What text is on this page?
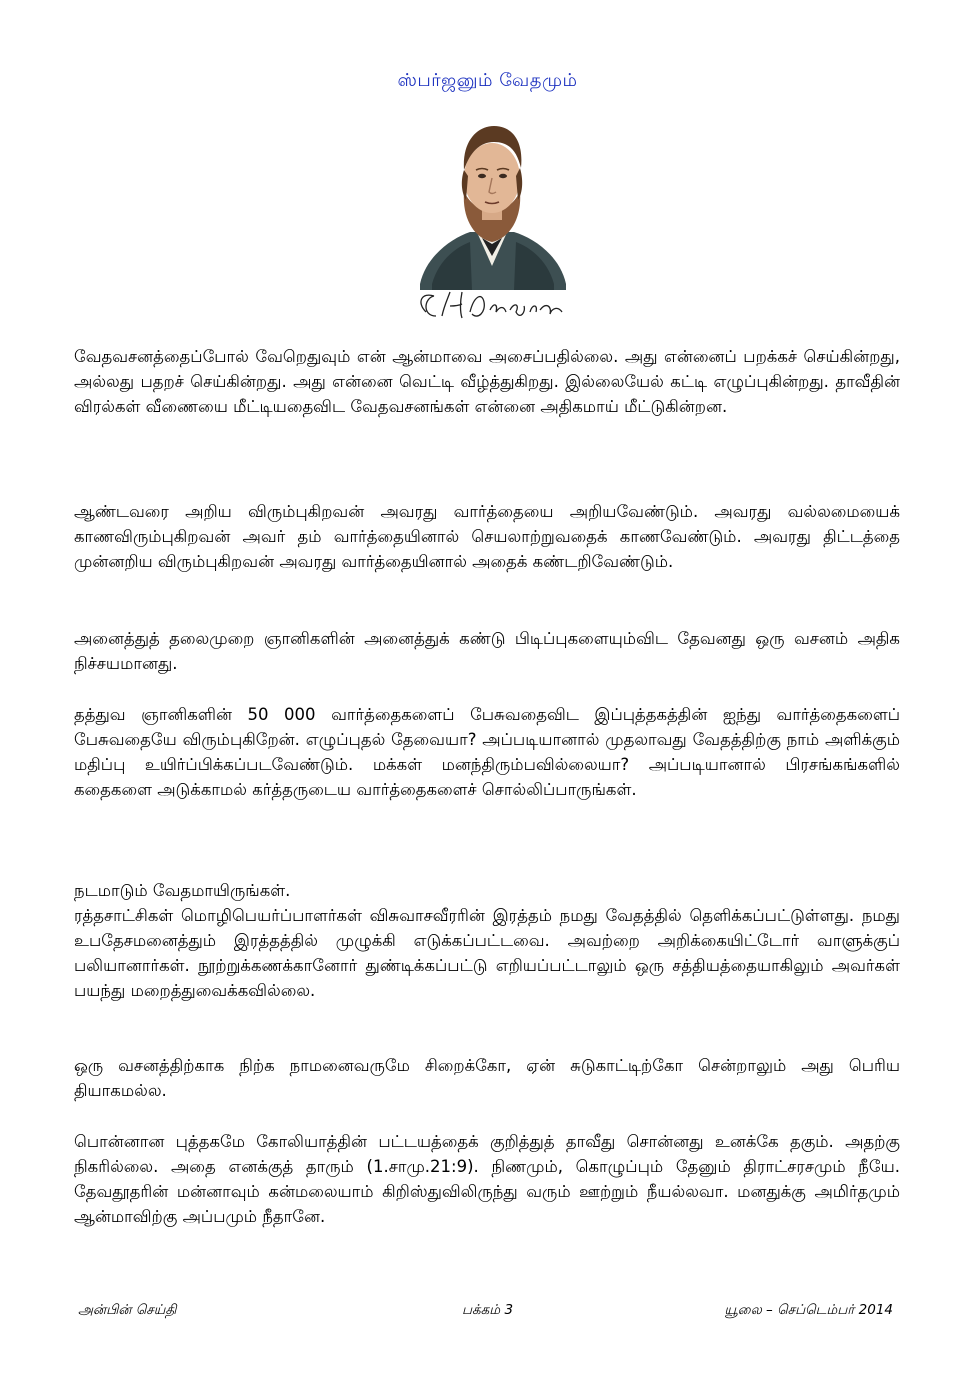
ஸ்பர்ஜனும் வேதமும்

வேதவசனத்தைப்போல் வேறெதுவும் என் ஆன்மாவை அசைப்பதில்லை. அது என்னைப் பறக்கச் செய்கின்றது, அல்லது பதறச் செய்கின்றது. அது என்னை வெட்டி வீழ்த்துகிறது. இல்லையேல் கட்டி எழுப்புகின்றது. தாவீதின் விரல்கள் வீணையை மீட்டியதைவிட வேதவசனங்கள் என்னை அதிகமாய் மீட்டுகின்றன.

ஆண்டவரை அறிய விரும்புகிறவன் அவரது வார்த்தையை அறியவேண்டும். அவரது வல்லமையைக் காணவிரும்புகிறவன் அவர் தம் வார்த்தையினால் செயலாற்றுவதைக் காணவேண்டும். அவரது திட்டத்தை முன்னறிய விரும்புகிறவன் அவரது வார்த்தையினால் அதைக் கண்டறிவேண்டும்.

அனைத்துத் தலைமுறை ஞானிகளின் அனைத்துக் கண்டு பிடிப்புகளையும்விட தேவனது ஒரு வசனம் அதிக நிச்சயமானது.

தத்துவ ஞானிகளின் 50 000 வார்த்தைகளைப் பேசுவதைவிட இப்புத்தகத்தின் ஐந்து வார்த்தைகளைப் பேசுவதையே விரும்புகிறேன். எழுப்புதல் தேவையா? அப்படியானால் முதலாவது வேதத்திற்கு நாம் அளிக்கும் மதிப்பு உயிர்ப்பிக்கப்படவேண்டும். மக்கள் மனந்திரும்பவில்லையா? அப்படியானால் பிரசங்கங்களில் கதைகளை அடுக்காமல் கர்த்தருடைய வார்த்தைகளைச் சொல்லிப்பாருங்கள்.

நடமாடும் வேதமாயிருங்கள்.

ரத்தசாட்சிகள் மொழிபெயர்ப்பாளர்கள் விசுவாசவீரரின் இரத்தம் நமது வேதத்தில் தெளிக்கப்பட்டுள்ளது. நமது உபதேசமனைத்தும் இரத்தத்தில் முழுக்கி எடுக்கப்பட்டவை. அவற்றை அறிக்கையிட்டோர் வாளுக்குப் பலியானார்கள். நூற்றுக்கணக்கானோர் துண்டிக்கப்பட்டு எறியப்பட்டாலும் ஒரு சத்தியத்தையாகிலும் அவர்கள் பயந்து மறைத்துவைக்கவில்லை.

ஒரு வசனத்திற்காக நிற்க நாமனைவருமே சிறைக்கோ, ஏன் சுடுகாட்டிற்கோ சென்றாலும் அது பெரிய தியாகமல்ல.

பொன்னான புத்தகமே கோலியாத்தின் பட்டயத்தைக் குறித்துத் தாவீது சொன்னது உனக்கே தகும். அதற்கு நிகரில்லை. அதை எனக்குத் தாரும் (1.சாமு.21:9). நிணமும், கொழுப்பும் தேனும் திராட்சரசமும் நீயே. தேவதூதரின் மன்னாவும் கன்மலையாம் கிறிஸ்துவிலிருந்து வரும் ஊற்றும் நீயல்லவா. மனதுக்கு அமிர்தமும் ஆன்மாவிற்கு அப்பமும் நீதானே.

அன்பின் செய்தி	பக்கம் 3	யூலை – செப்டெம்பர் 2014
